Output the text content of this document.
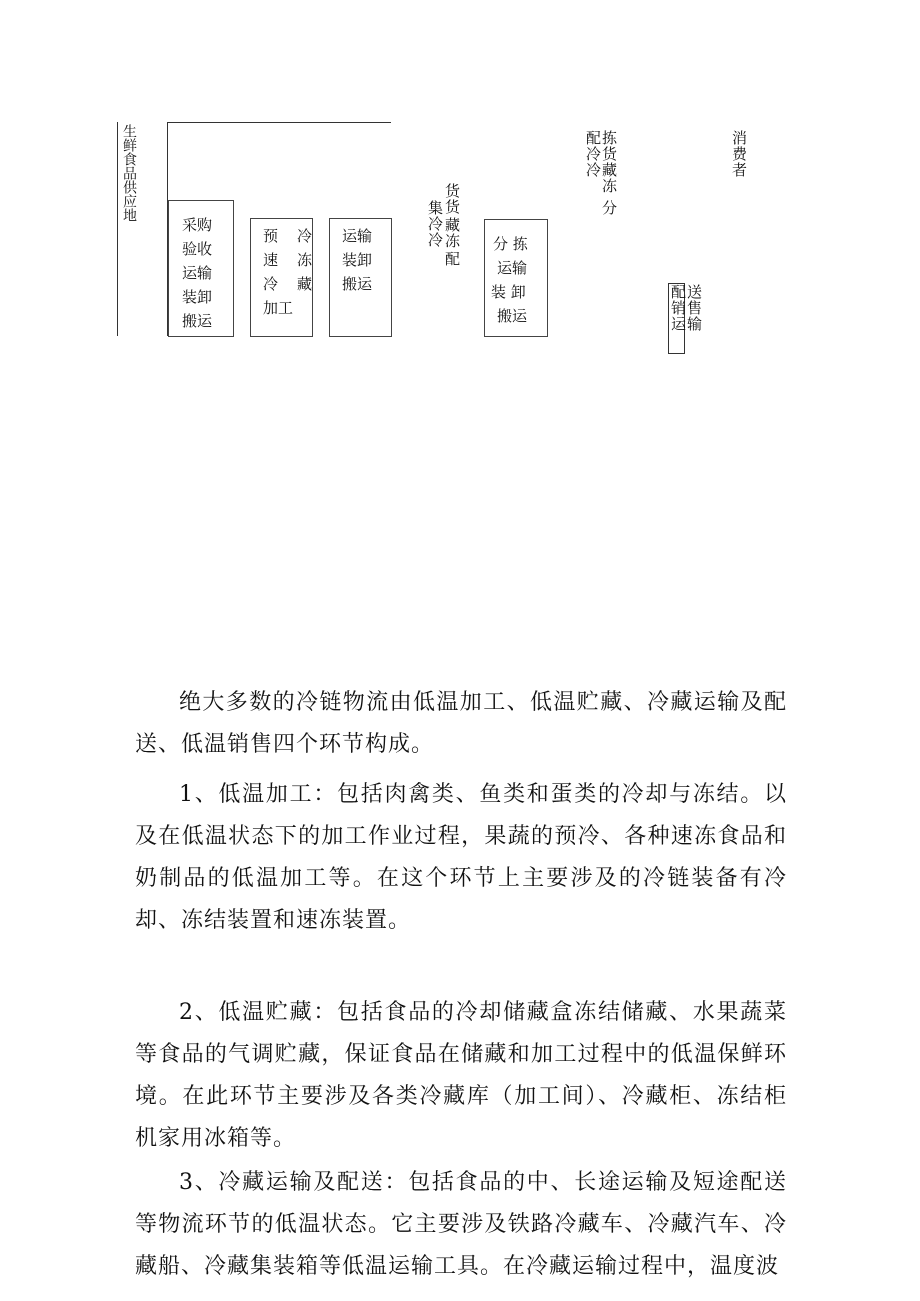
生鲜食品供应地
采购
验收
运输
装卸
搬运
预
速
冷
加工
冷
冻
藏
运输
装卸
搬运
集冷冷
货货
藏冻
配
分 拣
运输
装 卸
搬运
配冷冷
拣货藏冻
分
消费者
送售输
配销运
绝大多数的冷链物流由低温加工、低温贮藏、冷藏运输及配送、低温销售四个环节构成。
1、低温加工：包括肉禽类、鱼类和蛋类的冷却与冻结。以及在低温状态下的加工作业过程，果蔬的预冷、各种速冻食品和奶制品的低温加工等。在这个环节上主要涉及的冷链装备有冷却、冻结装置和速冻装置。
2、低温贮藏：包括食品的冷却储藏盒冻结储藏、水果蔬菜等食品的气调贮藏，保证食品在储藏和加工过程中的低温保鲜环境。在此环节主要涉及各类冷藏库（加工间）、冷藏柜、冻结柜机家用冰箱等。
3、冷藏运输及配送：包括食品的中、长途运输及短途配送等物流环节的低温状态。它主要涉及铁路冷藏车、冷藏汽车、冷藏船、冷藏集装箱等低温运输工具。在冷藏运输过程中，温度波
